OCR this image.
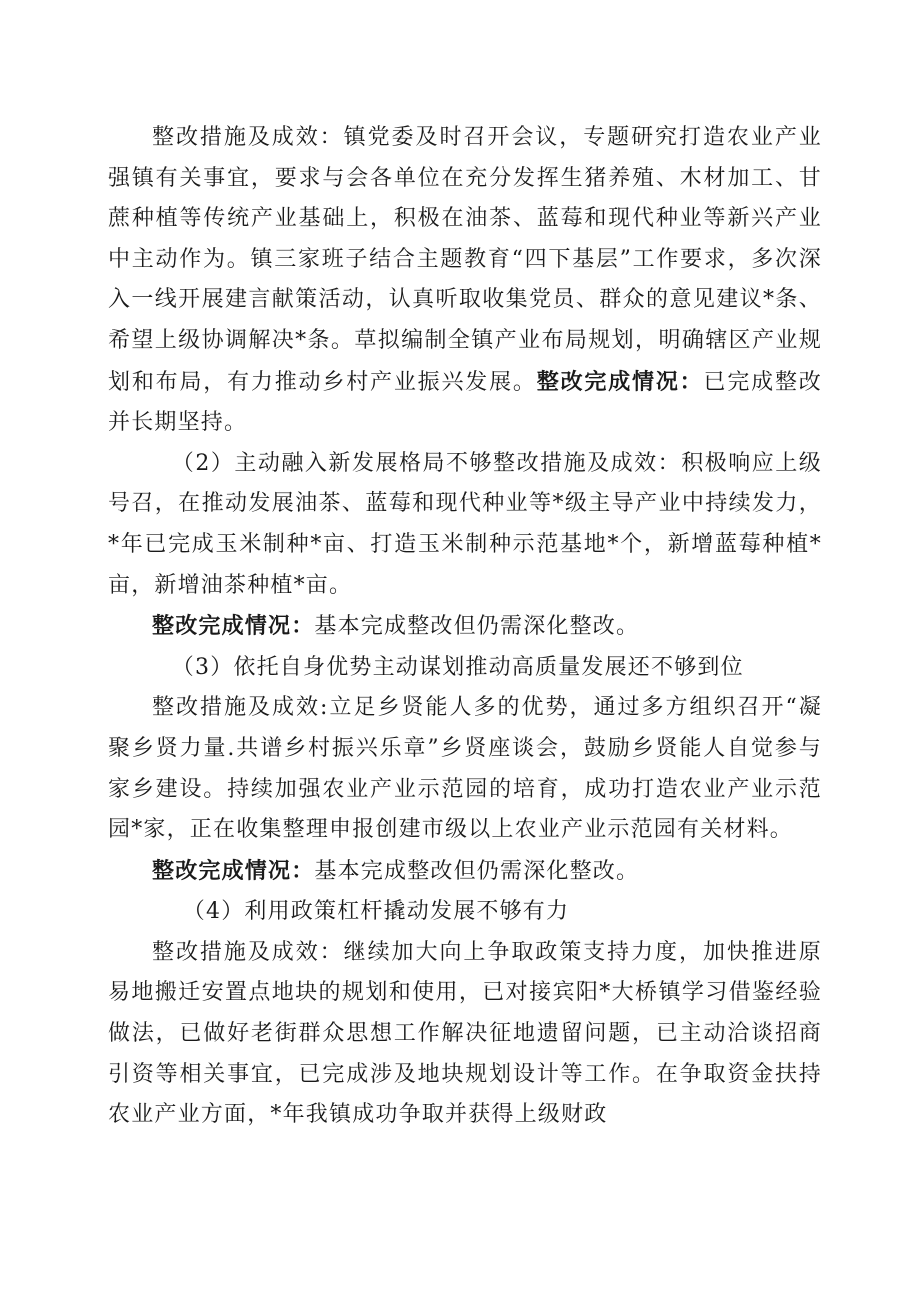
整改措施及成效：镇党委及时召开会议，专题研究打造农业产业强镇有关事宜，要求与会各单位在充分发挥生猪养殖、木材加工、甘蔗种植等传统产业基础上，积极在油茶、蓝莓和现代种业等新兴产业中主动作为。镇三家班子结合主题教育“四下基层”工作要求，多次深入一线开展建言献策活动，认真听取收集党员、群众的意见建议*条、希望上级协调解决*条。草拟编制全镇产业布局规划，明确辖区产业规划和布局，有力推动乡村产业振兴发展。整改完成情况：已完成整改并长期坚持。

（2）主动融入新发展格局不够整改措施及成效：积极响应上级号召，在推动发展油茶、蓝莓和现代种业等*级主导产业中持续发力，*年已完成玉米制种*亩、打造玉米制种示范基地*个，新增蓝莓种植*亩，新增油茶种植*亩。

整改完成情况：基本完成整改但仍需深化整改。

（3）依托自身优势主动谋划推动高质量发展还不够到位

整改措施及成效:立足乡贤能人多的优势，通过多方组织召开“凝聚乡贤力量.共谱乡村振兴乐章”乡贤座谈会，鼓励乡贤能人自觉参与家乡建设。持续加强农业产业示范园的培育，成功打造农业产业示范园*家，正在收集整理申报创建市级以上农业产业示范园有关材料。

整改完成情况：基本完成整改但仍需深化整改。

（4）利用政策杠杆撬动发展不够有力

整改措施及成效：继续加大向上争取政策支持力度，加快推进原易地搬迁安置点地块的规划和使用，已对接宾阳*大桥镇学习借鉴经验做法，已做好老街群众思想工作解决征地遗留问题，已主动洽谈招商引资等相关事宜，已完成涉及地块规划设计等工作。在争取资金扶持农业产业方面，*年我镇成功争取并获得上级财政
